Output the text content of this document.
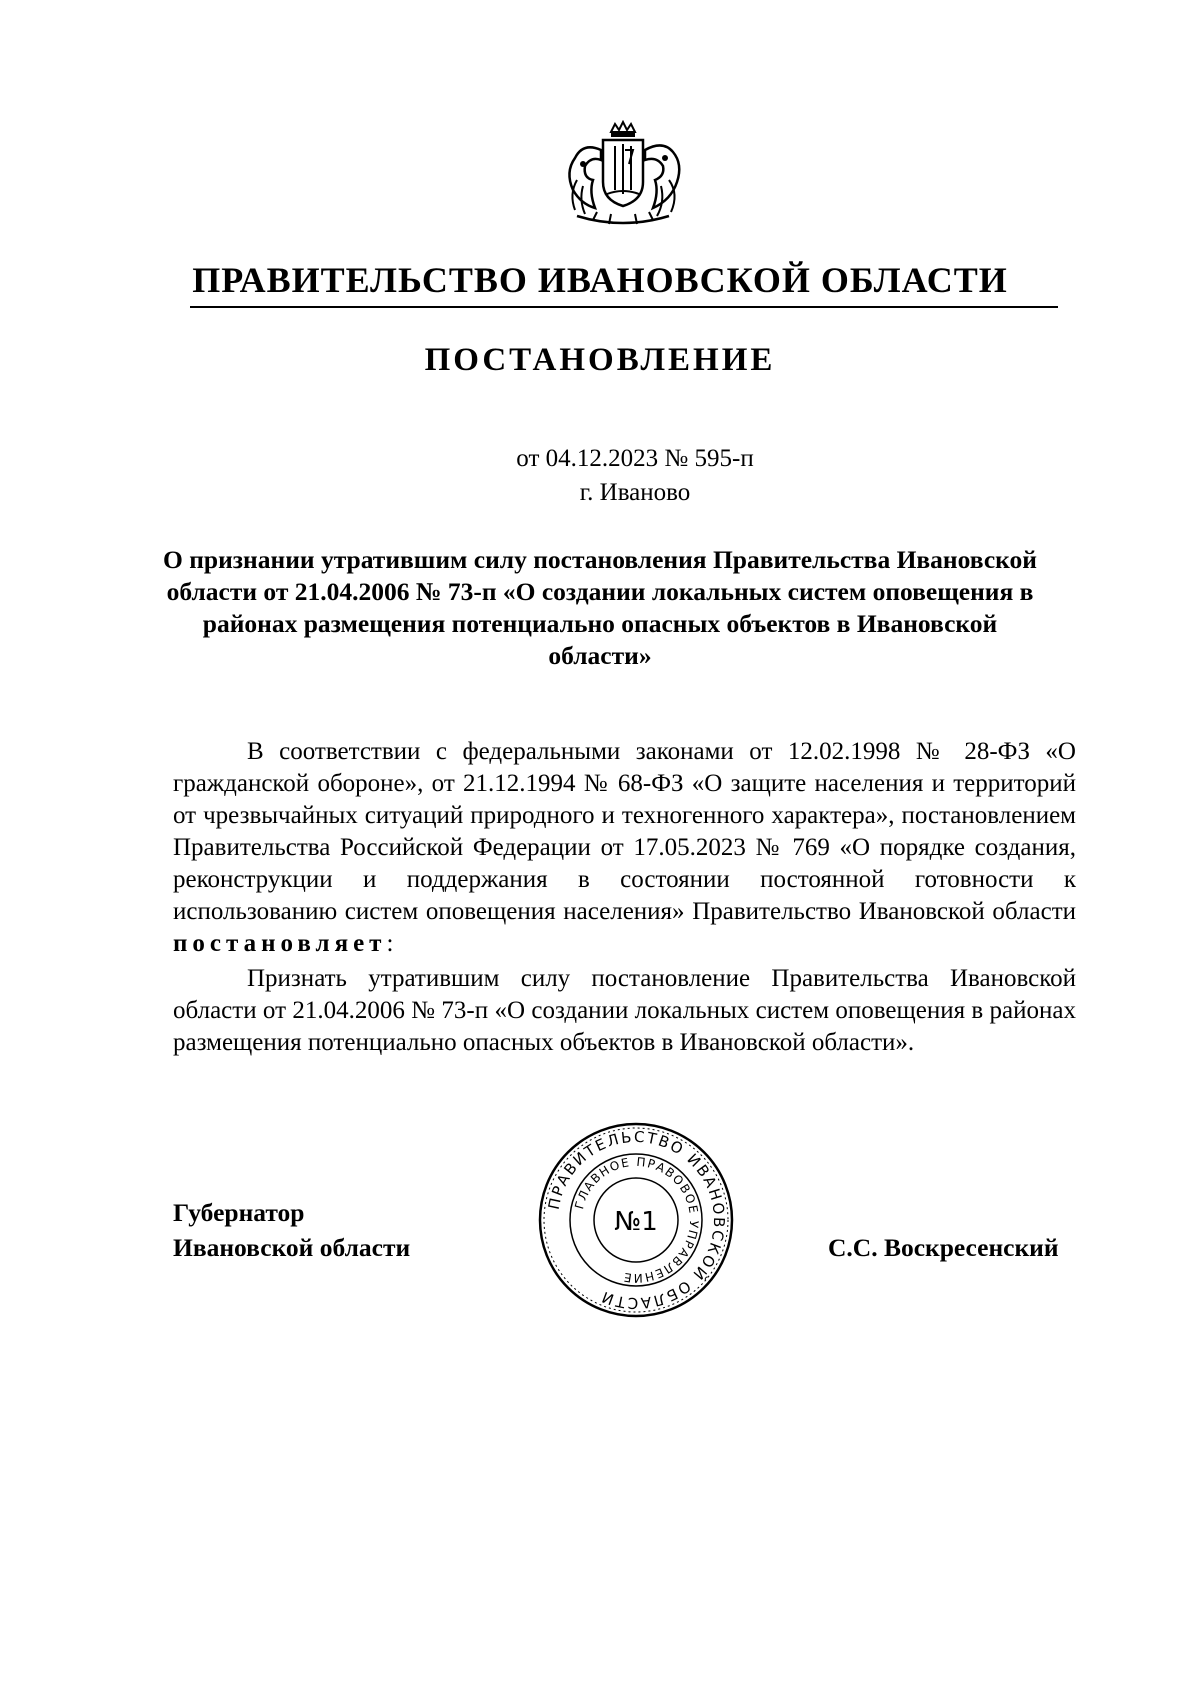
ПРАВИТЕЛЬСТВО ИВАНОВСКОЙ ОБЛАСТИ
ПОСТАНОВЛЕНИЕ
от 04.12.2023 № 595-п
г. Иваново
О признании утратившим силу постановления Правительства Ивановской области от 21.04.2006 № 73-п «О создании локальных систем оповещения в районах размещения потенциально опасных объектов в Ивановской области»
В соответствии с федеральными законами от 12.02.1998 № 28-ФЗ «О гражданской обороне», от 21.12.1994 № 68-ФЗ «О защите населения и территорий от чрезвычайных ситуаций природного и техногенного характера», постановлением Правительства Российской Федерации от 17.05.2023 № 769 «О порядке создания, реконструкции и поддержания в состоянии постоянной готовности к использованию систем оповещения населения» Правительство Ивановской области постановляет:
Признать утратившим силу постановление Правительства Ивановской области от 21.04.2006 № 73-п «О создании локальных систем оповещения в районах размещения потенциально опасных объектов в Ивановской области».
Губернатор
Ивановской области
ПРАВИТЕЛЬСТВО ИВАНОВСКОЙ ОБЛАСТИ
ГЛАВНОЕ ПРАВОВОЕ УПРАВЛЕНИЕ
№1
С.С. Воскресенский
